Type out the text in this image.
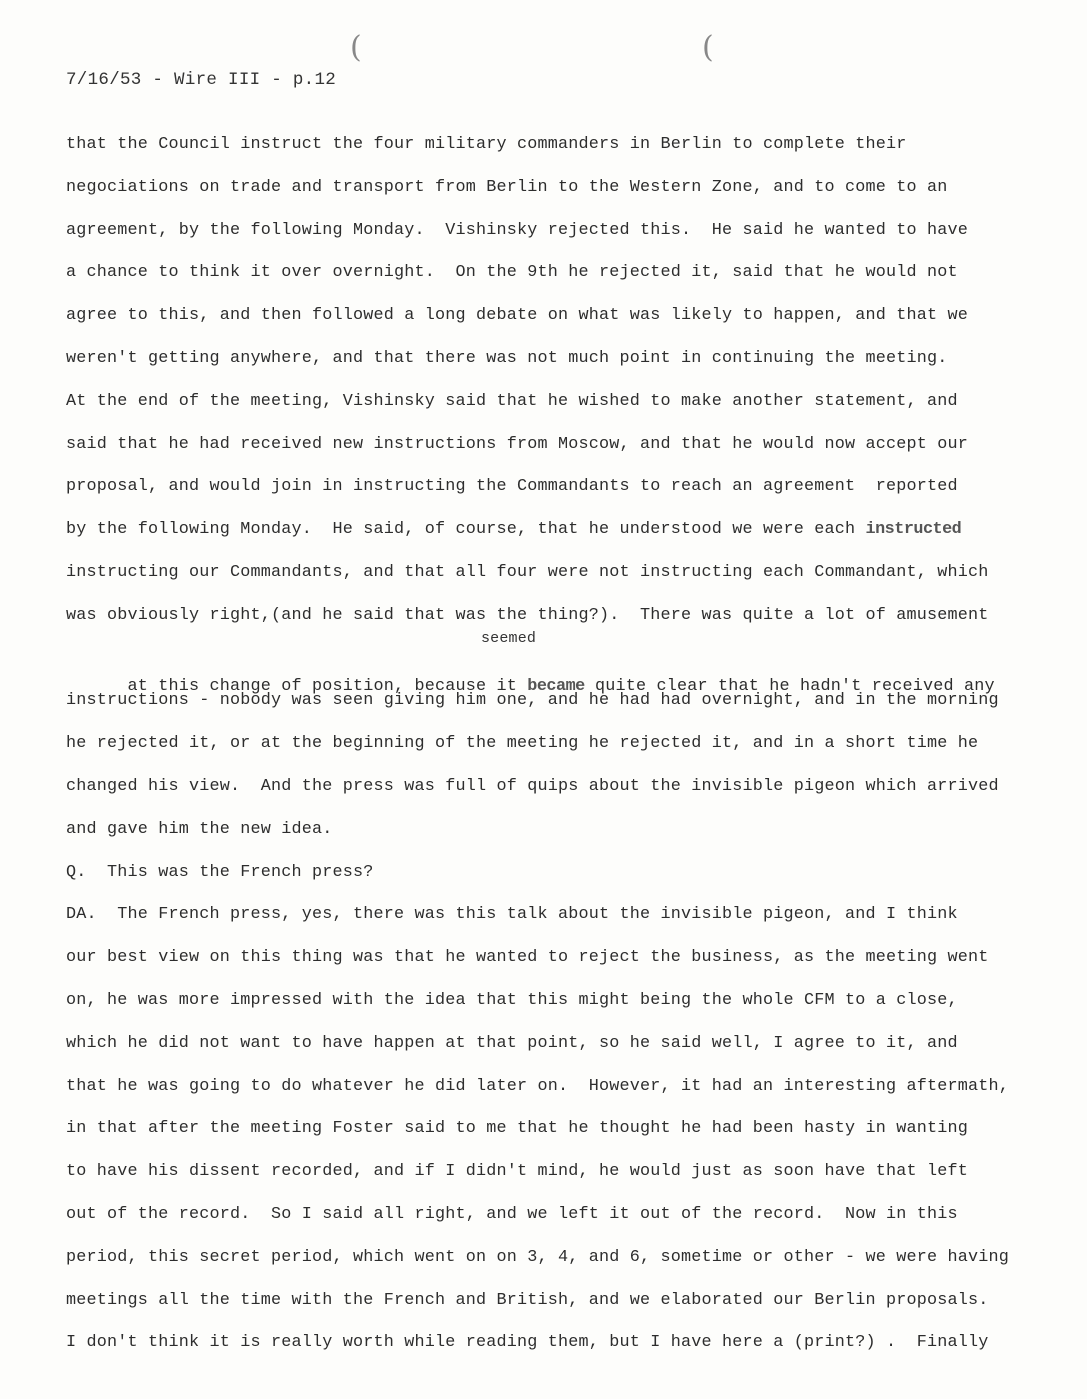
(	(
7/16/53 - Wire III - p.12
that the Council instruct the four military commanders in Berlin to complete their
negociations on trade and transport from Berlin to the Western Zone, and to come to an
agreement, by the following Monday.  Vishinsky rejected this.  He said he wanted to have
a chance to think it over overnight.  On the 9th he rejected it, said that he would not
agree to this, and then followed a long debate on what was likely to happen, and that we
weren't getting anywhere, and that there was not much point in continuing the meeting.
At the end of the meeting, Vishinsky said that he wished to make another statement, and
said that he had received new instructions from Moscow, and that he would now accept our
proposal, and would join in instructing the Commandants to reach an agreement  reported
by the following Monday.  He said, of course, that he understood we were each instructed
instructing our Commandants, and that all four were not instructing each Commandant, which
was obviously right,(and he said that was the thing?).  There was quite a lot of amusement

seemed
at this change of position, because it became quite clear that he hadn't received any

instructions - nobody was seen giving him one, and he had had overnight, and in the morning
he rejected it, or at the beginning of the meeting he rejected it, and in a short time he
changed his view.  And the press was full of quips about the invisible pigeon which arrived
and gave him the new idea.
Q.  This was the French press?
DA.  The French press, yes, there was this talk about the invisible pigeon, and I think
our best view on this thing was that he wanted to reject the business, as the meeting went
on, he was more impressed with the idea that this might being the whole CFM to a close,
which he did not want to have happen at that point, so he said well, I agree to it, and
that he was going to do whatever he did later on.  However, it had an interesting aftermath,
in that after the meeting Foster said to me that he thought he had been hasty in wanting
to have his dissent recorded, and if I didn't mind, he would just as soon have that left
out of the record.  So I said all right, and we left it out of the record.  Now in this
period, this secret period, which went on on 3, 4, and 6, sometime or other - we were having
meetings all the time with the French and British, and we elaborated our Berlin proposals.
I don't think it is really worth while reading them, but I have here a (print?) .  Finally
